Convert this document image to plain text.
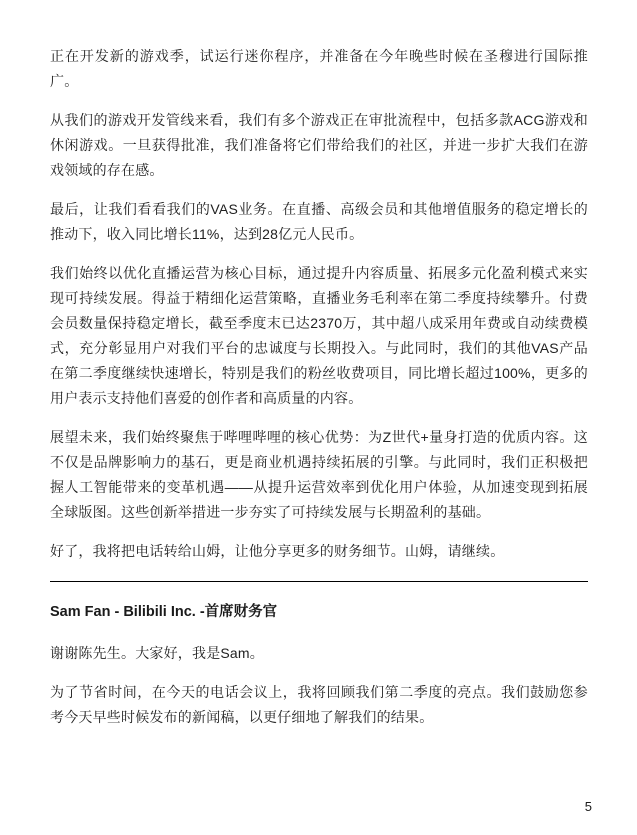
正在开发新的游戏季，试运行迷你程序，并准备在今年晚些时候在圣穆进行国际推广。

从我们的游戏开发管线来看，我们有多个游戏正在审批流程中，包括多款ACG游戏和休闲游戏。一旦获得批准，我们准备将它们带给我们的社区，并进一步扩大我们在游戏领域的存在感。

最后，让我们看看我们的VAS业务。在直播、高级会员和其他增值服务的稳定增长的推动下，收入同比增长11%，达到28亿元人民币。

我们始终以优化直播运营为核心目标，通过提升内容质量、拓展多元化盈利模式来实现可持续发展。得益于精细化运营策略，直播业务毛利率在第二季度持续攀升。付费会员数量保持稳定增长，截至季度末已达2370万，其中超八成采用年费或自动续费模式，充分彰显用户对我们平台的忠诚度与长期投入。与此同时，我们的其他VAS产品在第二季度继续快速增长，特别是我们的粉丝收费项目，同比增长超过100%，更多的用户表示支持他们喜爱的创作者和高质量的内容。

展望未来，我们始终聚焦于哔哩哔哩的核心优势：为Z世代+量身打造的优质内容。这不仅是品牌影响力的基石，更是商业机遇持续拓展的引擎。与此同时，我们正积极把握人工智能带来的变革机遇——从提升运营效率到优化用户体验，从加速变现到拓展全球版图。这些创新举措进一步夯实了可持续发展与长期盈利的基础。

好了，我将把电话转给山姆，让他分享更多的财务细节。山姆，请继续。

Sam Fan - Bilibili Inc. -首席财务官

谢谢陈先生。大家好，我是Sam。

为了节省时间，在今天的电话会议上，我将回顾我们第二季度的亮点。我们鼓励您参考今天早些时候发布的新闻稿，以更仔细地了解我们的结果。

5
